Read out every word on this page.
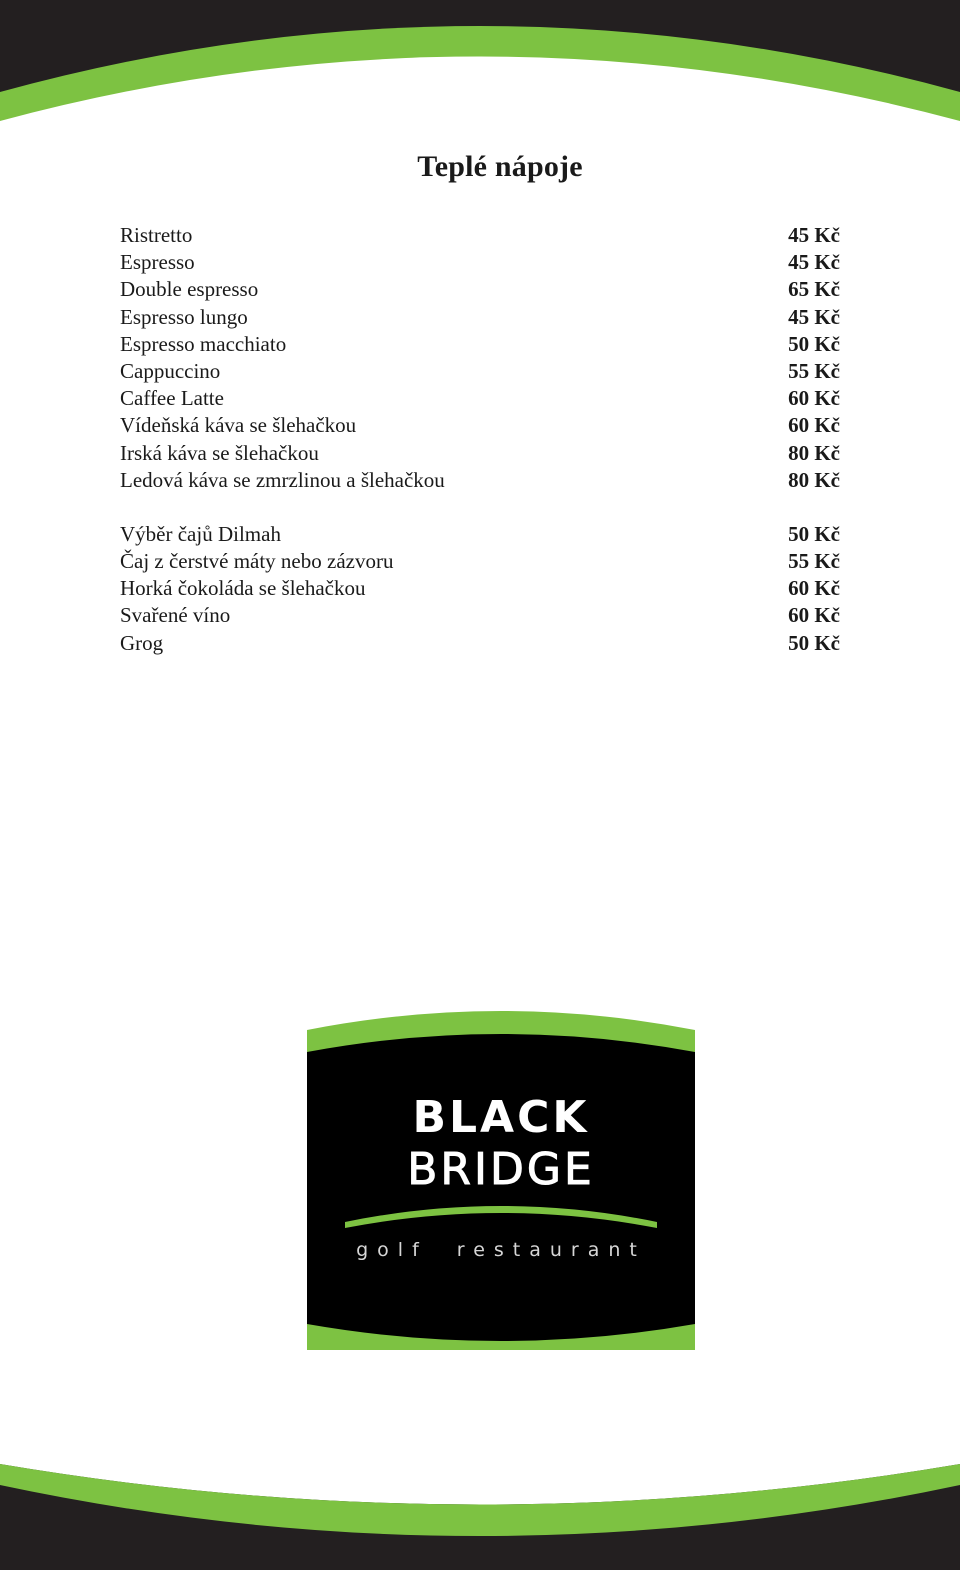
Teplé nápoje
Ristretto	45 Kč
Espresso	45 Kč
Double espresso	65 Kč
Espresso lungo	45 Kč
Espresso macchiato	50 Kč
Cappuccino	55 Kč
Caffee Latte	60 Kč
Vídeňská káva se šlehačkou	60 Kč
Irská káva se šlehačkou	80 Kč
Ledová káva se zmrzlinou a šlehačkou	80 Kč
Výběr čajů Dilmah	50 Kč
Čaj z čerstvé máty nebo zázvoru	55 Kč
Horká čokoláda se šlehačkou	60 Kč
Svařené víno	60 Kč
Grog	50 Kč
BLACK
BRIDGE
golf restaurant
